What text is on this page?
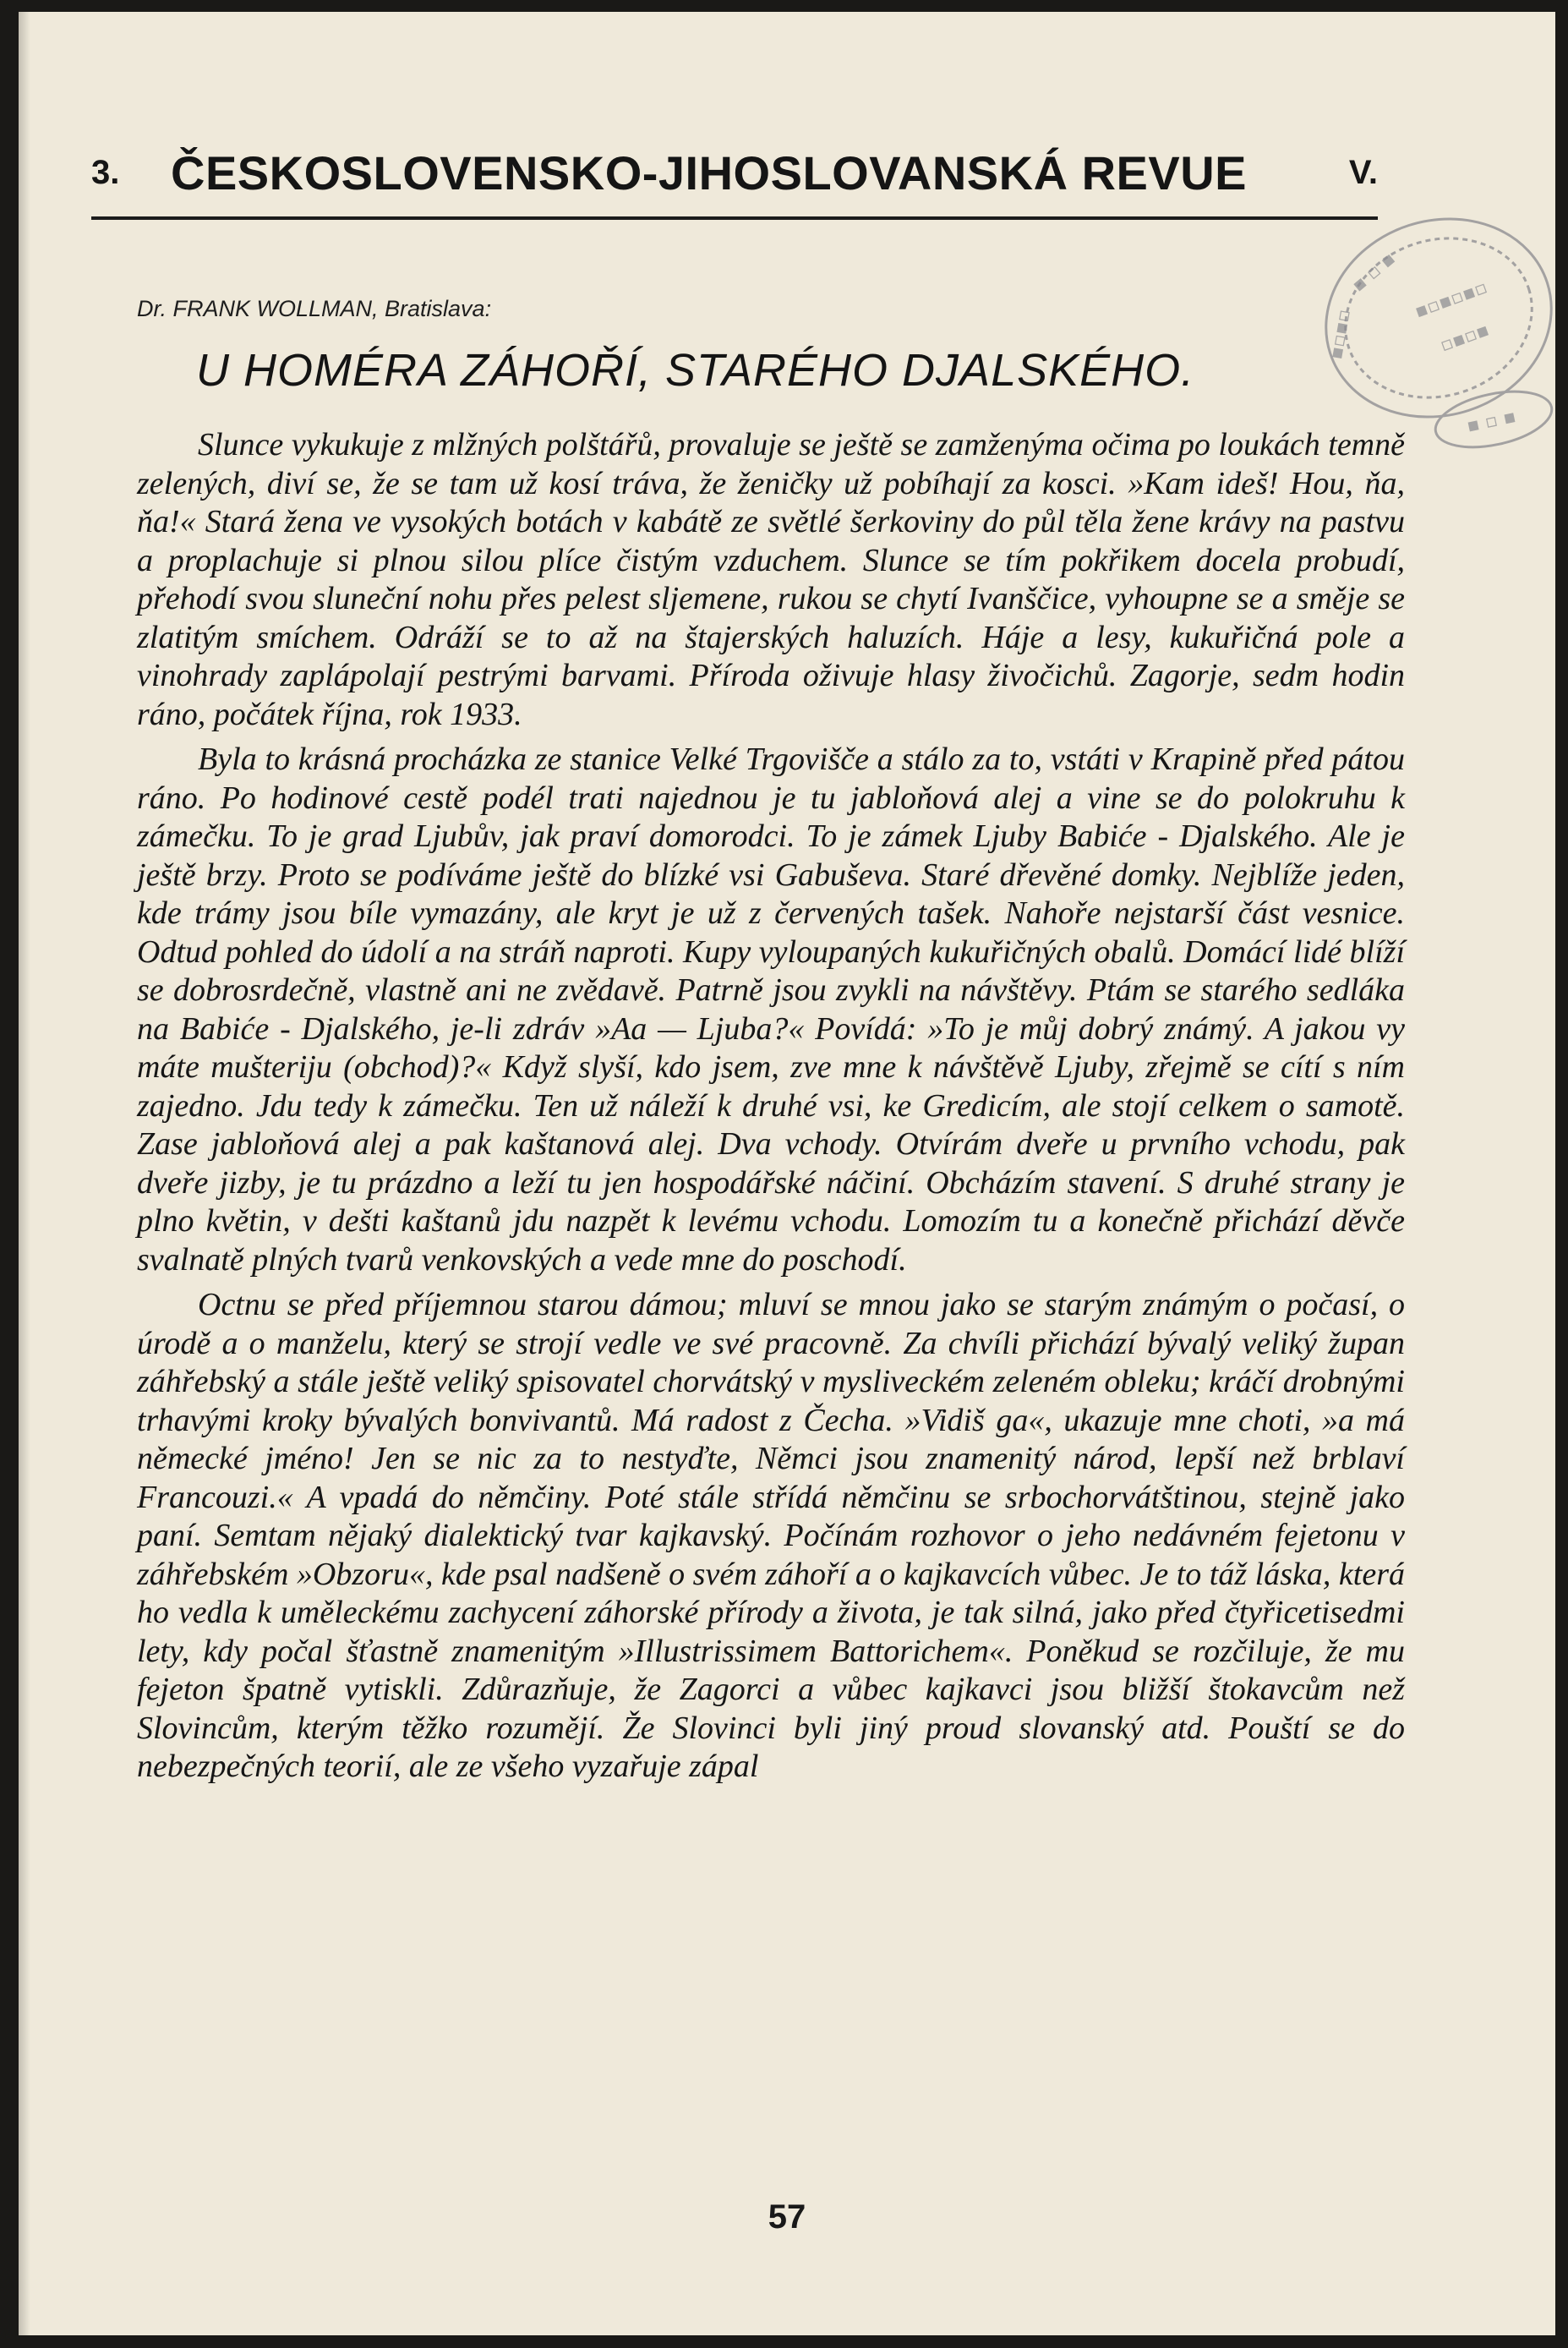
3. ČESKOSLOVENSKO-JIHOSLOVANSKÁ REVUE	V.
Dr. FRANK WOLLMAN, Bratislava:
U HOMÉRA ZÁHOŘÍ, STARÉHO DJALSKÉHO.

Slunce vykukuje z mlžných polštářů, provaluje se ještě se zamženýma očima po loukách temně zelených, diví se, že se tam už kosí tráva, že ženičky už pobíhají za kosci. »Kam ideš! Hou, ňa, ňa!« Stará žena ve vysokých botách v kabátě ze světlé šerkoviny do půl těla žene krávy na pastvu a proplachuje si plnou silou plíce čistým vzduchem. Slunce se tím pokřikem docela probudí, přehodí svou sluneční nohu přes pelest sljemene, rukou se chytí Ivanščice, vyhoupne se a směje se zlatitým smíchem. Odráží se to až na štajerských haluzích. Háje a lesy, kukuřičná pole a vinohrady zaplápolají pestrými barvami. Příroda oživuje hlasy živočichů. Zagorje, sedm hodin ráno, počátek října, rok 1933.

Byla to krásná procházka ze stanice Velké Trgovišče a stálo za to, vstáti v Krapině před pátou ráno. Po hodinové cestě podél trati najednou je tu jabloňová alej a vine se do polokruhu k zámečku. To je grad Ljubův, jak praví domorodci. To je zámek Ljuby Babiće - Djalského. Ale je ještě brzy. Proto se podíváme ještě do blízké vsi Gabuševa. Staré dřevěné domky. Nejblíže jeden, kde trámy jsou bíle vymazány, ale kryt je už z červených tašek. Nahoře nejstarší část vesnice. Odtud pohled do údolí a na stráň naproti. Kupy vyloupaných kukuřičných obalů. Domácí lidé blíží se dobrosrdečně, vlastně ani ne zvědavě. Patrně jsou zvykli na návštěvy. Ptám se starého sedláka na Babiće - Djalského, je-li zdráv »Aa — Ljuba?« Povídá: »To je můj dobrý známý. A jakou vy máte mušteriju (obchod)?« Když slyší, kdo jsem, zve mne k návštěvě Ljuby, zřejmě se cítí s ním zajedno. Jdu tedy k zámečku. Ten už náleží k druhé vsi, ke Gredicím, ale stojí celkem o samotě. Zase jabloňová alej a pak kaštanová alej. Dva vchody. Otvírám dveře u prvního vchodu, pak dveře jizby, je tu prázdno a leží tu jen hospodářské náčiní. Obcházím stavení. S druhé strany je plno květin, v dešti kaštanů jdu nazpět k levému vchodu. Lomozím tu a konečně přichází děvče svalnatě plných tvarů venkovských a vede mne do poschodí.

Octnu se před příjemnou starou dámou; mluví se mnou jako se starým známým o počasí, o úrodě a o manželu, který se strojí vedle ve své pracovně. Za chvíli přichází bývalý veliký župan záhřebský a stále ještě veliký spisovatel chorvátský v mysliveckém zeleném obleku; kráčí drobnými trhavými kroky bývalých bonvivantů. Má radost z Čecha. »Vidiš ga«, ukazuje mne choti, »a má německé jméno! Jen se nic za to nestyďte, Němci jsou znamenitý národ, lepší než brblaví Francouzi.« A vpadá do němčiny. Poté stále střídá němčinu se srbochorvátštinou, stejně jako paní. Semtam nějaký dialektický tvar kajkavský. Počínám rozhovor o jeho nedávném fejetonu v záhřebském »Obzoru«, kde psal nadšeně o svém záhoří a o kajkavcích vůbec. Je to táž láska, která ho vedla k uměleckému zachycení záhorské přírody a života, je tak silná, jako před čtyřicetisedmi lety, kdy počal šťastně znamenitým »Illustrissimem Battorichem«. Poněkud se rozčiluje, že mu fejeton špatně vytiskli. Zdůrazňuje, že Zagorci a vůbec kajkavci jsou bližší štokavcům než Slovincům, kterým těžko rozumějí. Že Slovinci byli jiný proud slovanský atd. Pouští se do nebezpečných teorií, ale ze všeho vyzařuje zápal

57
▪ ▫ ▪
▪▫▪▫▪▫
▫▪▫▪
▪▫▪▫
▪ ▫ ▪
